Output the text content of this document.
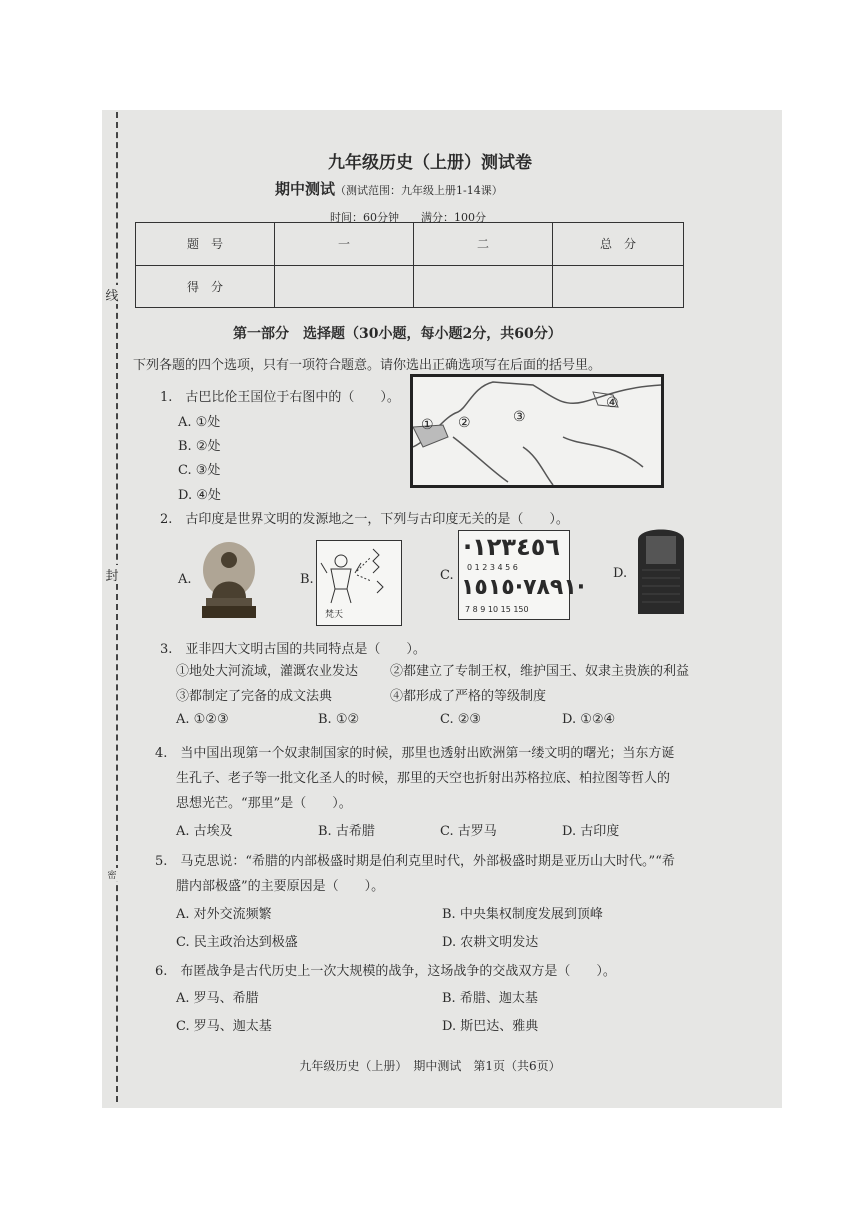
线
封
密
九年级历史（上册）测试卷
期中测试（测试范围：九年级上册1-14课）
时间：60分钟　　满分：100分
题　号	一	二	总　分
得　分			
第一部分　选择题（30小题，每小题2分，共60分）
下列各题的四个选项，只有一项符合题意。请你选出正确选项写在后面的括号里。
1.　古巴比伦王国位于右图中的（　　）。
A. ①处
B. ②处
C. ③处
D. ④处
① ②	③
④
2.　古印度是世界文明的发源地之一，下列与古印度无关的是（　　）。
A.	B.	C.	D.
梵天
·١٢٣٤٥٦
0 1 2 3 4 5 6
٧٨٩١·١٥١٥·
7 8 9 10 15 150
3.　亚非四大文明古国的共同特点是（　　）。
①地处大河流域，灌溉农业发达 ②都建立了专制王权，维护国王、奴隶主贵族的利益
③都制定了完备的成文法典	④都形成了严格的等级制度
A. ①②③	B. ①②	C. ②③	D. ①②④
4.　当中国出现第一个奴隶制国家的时候，那里也透射出欧洲第一缕文明的曙光；当东方诞
生孔子、老子等一批文化圣人的时候，那里的天空也折射出苏格拉底、柏拉图等哲人的
思想光芒。“那里”是（　　）。
A. 古埃及	B. 古希腊	C. 古罗马	D. 古印度
5.　马克思说：“希腊的内部极盛时期是伯利克里时代，外部极盛时期是亚历山大时代。”“希
腊内部极盛”的主要原因是（　　）。
A. 对外交流频繁	B. 中央集权制度发展到顶峰
C. 民主政治达到极盛	D. 农耕文明发达
6.　布匿战争是古代历史上一次大规模的战争，这场战争的交战双方是（　　）。
A. 罗马、希腊	B. 希腊、迦太基
C. 罗马、迦太基	D. 斯巴达、雅典
九年级历史（上册）　期中测试　第1页（共6页）
